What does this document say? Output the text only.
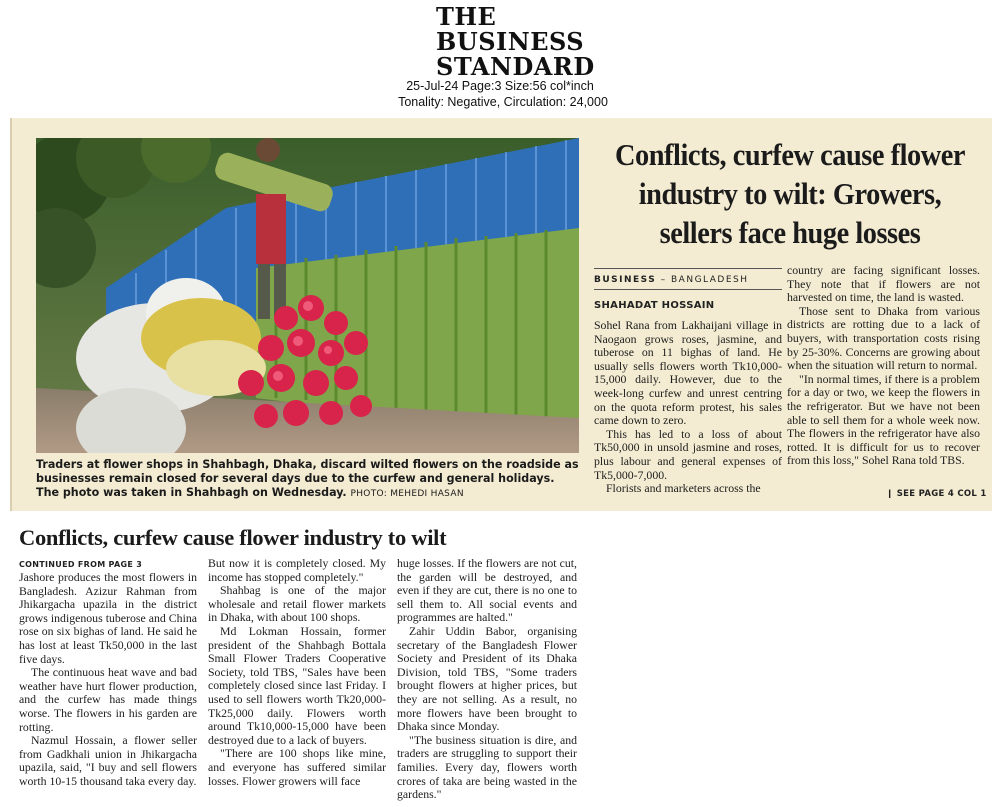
THE
BUSINESS
STANDARD
25-Jul-24 Page:3 Size:56 col*inch
Tonality: Negative, Circulation: 24,000
Traders at flower shops in Shahbagh, Dhaka, discard wilted flowers on the roadside as businesses remain closed for several days due to the curfew and general holidays. The photo was taken in Shahbagh on Wednesday. PHOTO: MEHEDI HASAN
Conflicts, curfew cause flower industry to wilt: Growers, sellers face huge losses
BUSINESS – BANGLADESH
SHAHADAT HOSSAIN

Sohel Rana from Lakhaijani village in Naogaon grows roses, jasmine, and tuberose on 11 bighas of land. He usually sells flowers worth Tk10,000-15,000 daily. However, due to the week-long curfew and unrest centring on the quota reform protest, his sales came down to zero.

This has led to a loss of about Tk50,000 in unsold jasmine and roses, plus labour and general expenses of Tk5,000-7,000.

Florists and marketers across the

country are facing significant losses. They note that if flowers are not harvested on time, the land is wasted.

Those sent to Dhaka from various districts are rotting due to a lack of buyers, with transportation costs rising by 25-30%. Concerns are growing about when the situation will return to normal.

"In normal times, if there is a problem for a day or two, we keep the flowers in the refrigerator. But we have not been able to sell them for a whole week now. The flowers in the refrigerator have also rotted. It is difficult for us to recover from this loss," Sohel Rana told TBS.

❙ SEE PAGE 4 COL 1
Conflicts, curfew cause flower industry to wilt
CONTINUED FROM PAGE 3

Jashore produces the most flowers in Bangladesh. Azizur Rahman from Jhikargacha upazila in the district grows indigenous tuberose and China rose on six bighas of land. He said he has lost at least Tk50,000 in the last five days.

The continuous heat wave and bad weather have hurt flower production, and the curfew has made things worse. The flowers in his garden are rotting.

Nazmul Hossain, a flower seller from Gadkhali union in Jhikargacha upazila, said, "I buy and sell flowers worth 10-15 thousand taka every day.

But now it is completely closed. My income has stopped completely."

Shahbag is one of the major wholesale and retail flower markets in Dhaka, with about 100 shops.

Md Lokman Hossain, former president of the Shahbagh Bottala Small Flower Traders Cooperative Society, told TBS, "Sales have been completely closed since last Friday. I used to sell flowers worth Tk20,000-Tk25,000 daily. Flowers worth around Tk10,000-15,000 have been destroyed due to a lack of buyers.

"There are 100 shops like mine, and everyone has suffered similar losses. Flower growers will face

huge losses. If the flowers are not cut, the garden will be destroyed, and even if they are cut, there is no one to sell them to. All social events and programmes are halted."

Zahir Uddin Babor, organising secretary of the Bangladesh Flower Society and President of its Dhaka Division, told TBS, "Some traders brought flowers at higher prices, but they are not selling. As a result, no more flowers have been brought to Dhaka since Monday.

"The business situation is dire, and traders are struggling to support their families. Every day, flowers worth crores of taka are being wasted in the gardens."
